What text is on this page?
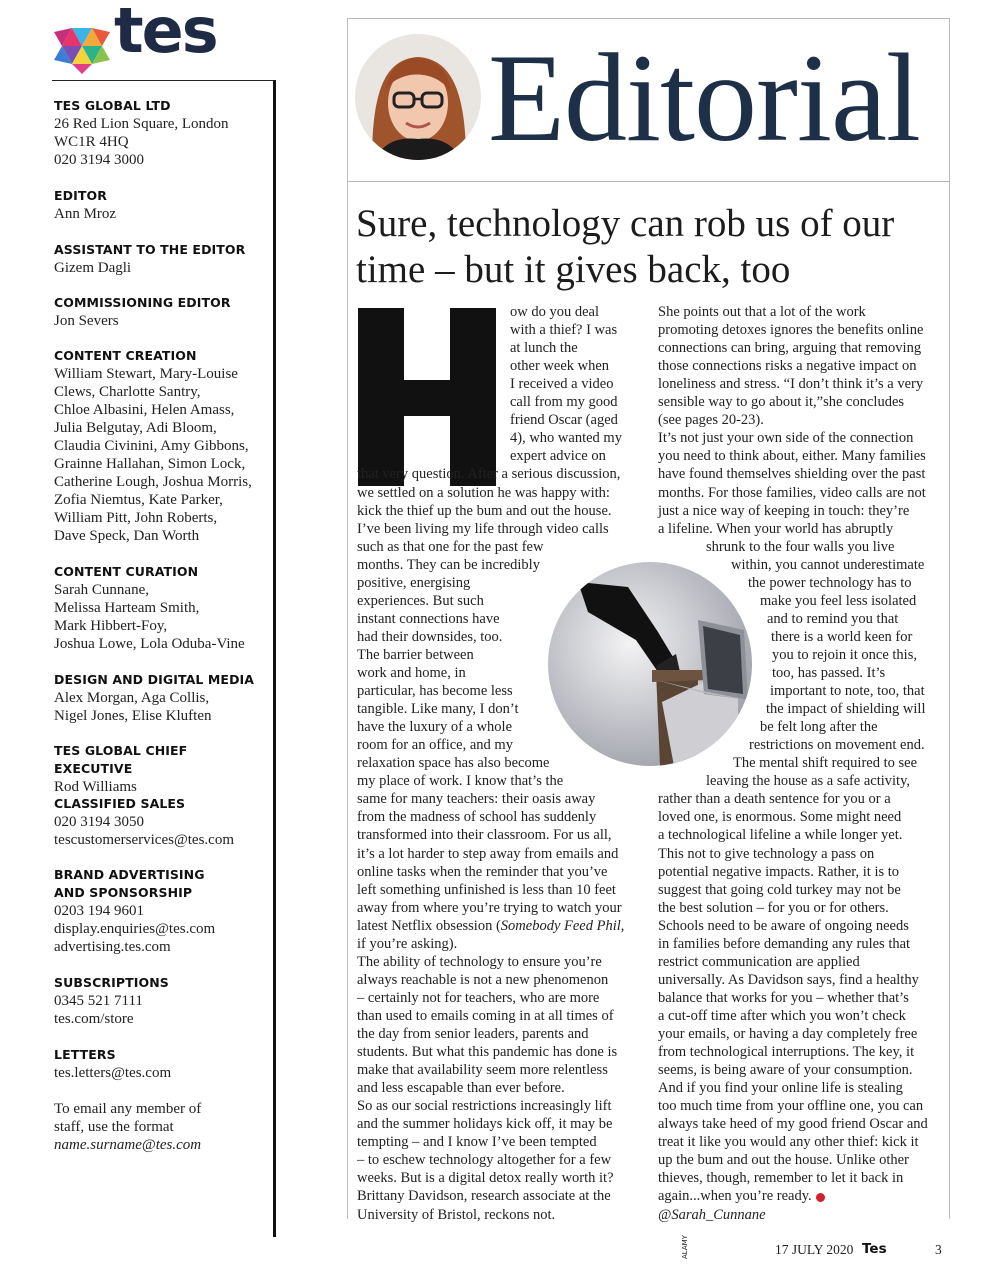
tes
TES GLOBAL LTD

26 Red Lion Square, London

WC1R 4HQ

020 3194 3000

EDITOR

Ann Mroz

ASSISTANT TO THE EDITOR

Gizem Dagli

COMMISSIONING EDITOR

Jon Severs

CONTENT CREATION

William Stewart, Mary-Louise

Clews, Charlotte Santry,

Chloe Albasini, Helen Amass,

Julia Belgutay, Adi Bloom,

Claudia Civinini, Amy Gibbons,

Grainne Hallahan, Simon Lock,

Catherine Lough, Joshua Morris,

Zofia Niemtus, Kate Parker,

William Pitt, John Roberts,

Dave Speck, Dan Worth

CONTENT CURATION

Sarah Cunnane,

Melissa Harteam Smith,

Mark Hibbert-Foy,

Joshua Lowe, Lola Oduba-Vine

DESIGN AND DIGITAL MEDIA

Alex Morgan, Aga Collis,

Nigel Jones, Elise Kluften

TES GLOBAL CHIEF EXECUTIVE

Rod Williams

CLASSIFIED SALES

020 3194 3050

tescustomerservices@tes.com

BRAND ADVERTISING
AND SPONSORSHIP

0203 194 9601

display.enquiries@tes.com

advertising.tes.com

SUBSCRIPTIONS

0345 521 7111

tes.com/store

LETTERS

tes.letters@tes.com

To email any member of

staff, use the format

name.surname@tes.com

Editorial
Sure, technology can rob us of our time – but it gives back, too
ALAMY	17 JULY 2020 Tes	3
ow do you deal
with a thief? I was
at lunch the
other week when
I received a video
call from my good
friend Oscar (aged
4), who wanted my
expert advice on
that very question. After a serious discussion,
we settled on a solution he was happy with:
kick the thief up the bum and out the house.
I’ve been living my life through video calls
such as that one for the past few
months. They can be incredibly
positive, energising
experiences. But such
instant connections have
had their downsides, too.
The barrier between
work and home, in
particular, has become less
tangible. Like many, I don’t
have the luxury of a whole
room for an office, and my
relaxation space has also become
my place of work. I know that’s the
same for many teachers: their oasis away
from the madness of school has suddenly
transformed into their classroom. For us all,
it’s a lot harder to step away from emails and
online tasks when the reminder that you’ve
left something unfinished is less than 10 feet
away from where you’re trying to watch your
latest Netflix obsession (Somebody Feed Phil,
if you’re asking).
The ability of technology to ensure you’re
always reachable is not a new phenomenon
– certainly not for teachers, who are more
than used to emails coming in at all times of
the day from senior leaders, parents and
students. But what this pandemic has done is
make that availability seem more relentless
and less escapable than ever before.
So as our social restrictions increasingly lift
and the summer holidays kick off, it may be
tempting – and I know I’ve been tempted
– to eschew technology altogether for a few
weeks. But is a digital detox really worth it?
Brittany Davidson, research associate at the
University of Bristol, reckons not.
She points out that a lot of the work
promoting detoxes ignores the benefits online
connections can bring, arguing that removing
those connections risks a negative impact on
loneliness and stress. “I don’t think it’s a very
sensible way to go about it,”she concludes
(see pages 20-23).
It’s not just your own side of the connection
you need to think about, either. Many families
have found themselves shielding over the past
months. For those families, video calls are not
just a nice way of keeping in touch: they’re
a lifeline. When your world has abruptly
shrunk to the four walls you live
within, you cannot underestimate
the power technology has to
make you feel less isolated
and to remind you that
there is a world keen for
you to rejoin it once this,
too, has passed. It’s
important to note, too, that
the impact of shielding will
be felt long after the
restrictions on movement end.
The mental shift required to see
leaving the house as a safe activity,
rather than a death sentence for you or a
loved one, is enormous. Some might need
a technological lifeline a while longer yet.
This not to give technology a pass on
potential negative impacts. Rather, it is to
suggest that going cold turkey may not be
the best solution – for you or for others.
Schools need to be aware of ongoing needs
in families before demanding any rules that
restrict communication are applied
universally. As Davidson says, find a healthy
balance that works for you – whether that’s
a cut-off time after which you won’t check
your emails, or having a day completely free
from technological interruptions. The key, it
seems, is being aware of your consumption.
And if you find your online life is stealing
too much time from your offline one, you can
always take heed of my good friend Oscar and
treat it like you would any other thief: kick it
up the bum and out the house. Unlike other
thieves, though, remember to let it back in
again...when you’re ready.
@Sarah_Cunnane
